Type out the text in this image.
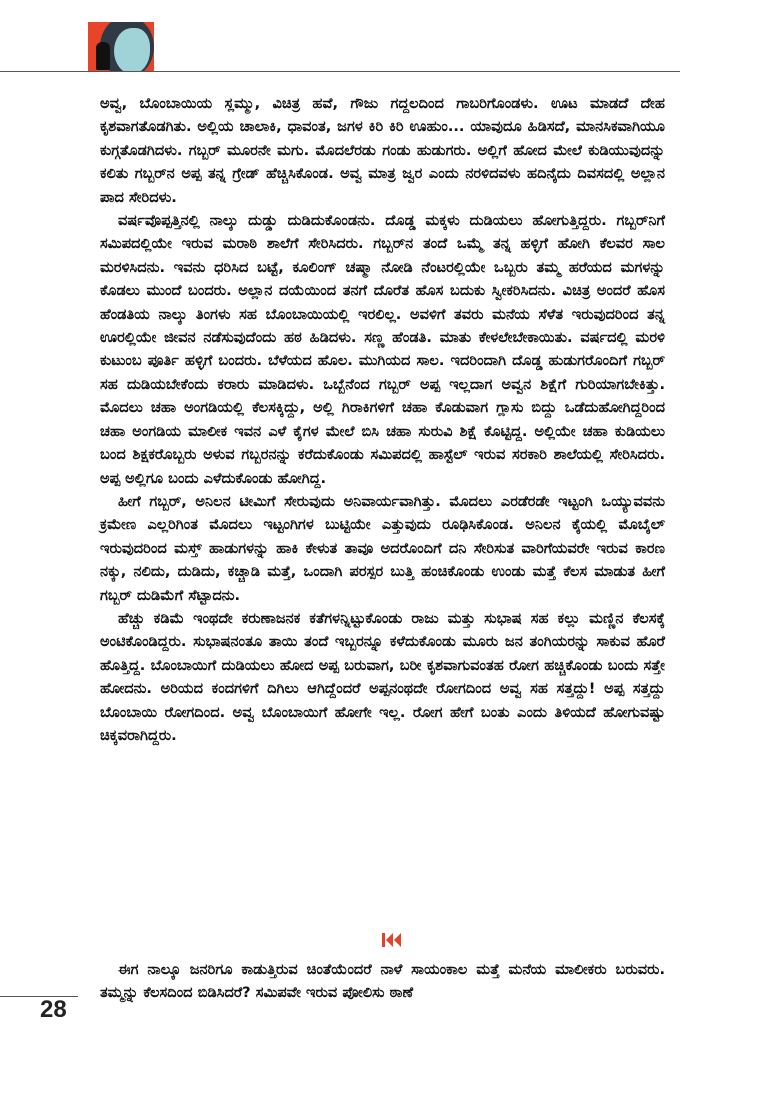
ಅವ್ವ, ಬೊಂಬಾಯಿಯ ಸ್ಲಮ್ಮು, ವಿಚಿತ್ರ ಹವೆ, ಗೌಜು ಗದ್ದಲದಿಂದ ಗಾಬರಿಗೊಂಡಳು. ಊಟ ಮಾಡದೆ ದೇಹ ಕೃಶವಾಗತೊಡಗಿತು. ಅಲ್ಲಿಯ ಚಾಲಾಕಿ, ಧಾವಂತ, ಜಗಳ ಕಿರಿ ಕಿರಿ ಊಹುಂ... ಯಾವುದೂ ಹಿಡಿಸದೆ, ಮಾನಸಿಕವಾಗಿಯೂ ಕುಗ್ಗತೊಡಗಿದಳು. ಗಬ್ಬರ್ ಮೂರನೇ ಮಗು. ಮೊದಲೆರಡು ಗಂಡು ಹುಡುಗರು. ಅಲ್ಲಿಗೆ ಹೋದ ಮೇಲೆ ಕುಡಿಯುವುದನ್ನು ಕಲಿತು ಗಬ್ಬರ್‌ನ ಅಪ್ಪ ತನ್ನ ಗ್ರೇಡ್ ಹೆಚ್ಚಿಸಿಕೊಂಡ. ಅವ್ವ ಮಾತ್ರ ಜ್ವರ ಎಂದು ನರಳಿದವಳು ಹದಿನೈದು ದಿವಸದಲ್ಲಿ ಅಲ್ಲಾನ ಪಾದ ಸೇರಿದಳು.

ವರ್ಷವೊಪ್ಪತ್ತಿನಲ್ಲಿ ನಾಲ್ಕು ದುಡ್ಡು ದುಡಿದುಕೊಂಡನು. ದೊಡ್ಡ ಮಕ್ಕಳು ದುಡಿಯಲು ಹೋಗುತ್ತಿದ್ದರು. ಗಬ್ಬರ್‌ನಿಗೆ ಸಮಿಪದಲ್ಲಿಯೇ ಇರುವ ಮರಾಠಿ ಶಾಲೆಗೆ ಸೇರಿಸಿದರು. ಗಬ್ಬರ್‌ನ ತಂದೆ ಒಮ್ಮೆ ತನ್ನ ಹಳ್ಳಿಗೆ ಹೋಗಿ ಕೆಲವರ ಸಾಲ ಮರಳಿಸಿದನು. ಇವನು ಧರಿಸಿದ ಬಟ್ಟೆ, ಕೂಲಿಂಗ್ ಚಷ್ಮಾ ನೋಡಿ ನೆಂಟರಲ್ಲಿಯೇ ಒಬ್ಬರು ತಮ್ಮ ಹರೆಯದ ಮಗಳನ್ನು ಕೊಡಲು ಮುಂದೆ ಬಂದರು. ಅಲ್ಲಾನ ದಯೆಯಿಂದ ತನಗೆ ದೊರೆತ ಹೊಸ ಬದುಕು ಸ್ವೀಕರಿಸಿದನು. ವಿಚಿತ್ರ ಅಂದರೆ ಹೊಸ ಹೆಂಡತಿಯ ನಾಲ್ಕು ತಿಂಗಳು ಸಹ ಬೊಂಬಾಯಿಯಲ್ಲಿ ಇರಲಿಲ್ಲ. ಅವಳಿಗೆ ತವರು ಮನೆಯ ಸೆಳೆತ ಇರುವುದರಿಂದ ತನ್ನ ಊರಲ್ಲಿಯೇ ಜೀವನ ನಡೆಸುವುದೆಂದು ಹಠ ಹಿಡಿದಳು. ಸಣ್ಣ ಹೆಂಡತಿ. ಮಾತು ಕೇಳಲೇಬೇಕಾಯಿತು. ವರ್ಷದಲ್ಲಿ ಮರಳಿ ಕುಟುಂಬ ಪೂರ್ತಿ ಹಳ್ಳಿಗೆ ಬಂದರು. ಬೆಳೆಯದ ಹೊಲ. ಮುಗಿಯದ ಸಾಲ. ಇದರಿಂದಾಗಿ ದೊಡ್ಡ ಹುಡುಗರೊಂದಿಗೆ ಗಬ್ಬರ್ ಸಹ ದುಡಿಯಬೇಕೆಂದು ಕರಾರು ಮಾಡಿದಳು. ಒಬ್ಬೆನೆಂದ ಗಬ್ಬರ್ ಅಪ್ಪ ಇಲ್ಲದಾಗ ಅವ್ವನ ಶಿಕ್ಷೆಗೆ ಗುರಿಯಾಗಬೇಕಿತ್ತು. ಮೊದಲು ಚಹಾ ಅಂಗಡಿಯಲ್ಲಿ ಕೆಲಸಕ್ಕಿದ್ದು, ಅಲ್ಲಿ ಗಿರಾಕಿಗಳಿಗೆ ಚಹಾ ಕೊಡುವಾಗ ಗ್ಲಾಸು ಬಿದ್ದು ಒಡೆದುಹೋಗಿದ್ದರಿಂದ ಚಹಾ ಅಂಗಡಿಯ ಮಾಲೀಕ ಇವನ ಎಳೆ ಕೈಗಳ ಮೇಲೆ ಬಿಸಿ ಚಹಾ ಸುರುವಿ ಶಿಕ್ಷೆ ಕೊಟ್ಟಿದ್ದ. ಅಲ್ಲಿಯೇ ಚಹಾ ಕುಡಿಯಲು ಬಂದ ಶಿಕ್ಷಕರೊಬ್ಬರು ಅಳುವ ಗಬ್ಬರನನ್ನು ಕರೆದುಕೊಂಡು ಸಮಿಪದಲ್ಲಿ ಹಾಸ್ಟೆಲ್ ಇರುವ ಸರಕಾರಿ ಶಾಲೆಯಲ್ಲಿ ಸೇರಿಸಿದರು. ಅಪ್ಪ ಅಲ್ಲಿಗೂ ಬಂದು ಎಳೆದುಕೊಂಡು ಹೋಗಿದ್ದ.

ಹೀಗೆ ಗಬ್ಬರ್, ಅನಿಲನ ಟೀಮಿಗೆ ಸೇರುವುದು ಅನಿವಾರ್ಯವಾಗಿತ್ತು. ಮೊದಲು ಎರಡೆರಡೇ ಇಟ್ಟಂಗಿ ಒಯ್ಯುವವನು ಕ್ರಮೇಣ ಎಲ್ಲರಿಗಿಂತ ಮೊದಲು ಇಟ್ಟಂಗಿಗಳ ಬುಟ್ಟಿಯೇ ಎತ್ತುವುದು ರೂಢಿಸಿಕೊಂಡ. ಅನಿಲನ ಕೈಯಲ್ಲಿ ಮೊಬೈಲ್ ಇರುವುದರಿಂದ ಮಸ್ತ್ ಹಾಡುಗಳನ್ನು ಹಾಕಿ ಕೇಳುತ ತಾವೂ ಅದರೊಂದಿಗೆ ದನಿ ಸೇರಿಸುತ ವಾರಿಗೆಯವರೇ ಇರುವ ಕಾರಣ ನಕ್ಕು, ನಲಿದು, ದುಡಿದು, ಕಚ್ಚಾಡಿ ಮತ್ತೆ, ಒಂದಾಗಿ ಪರಸ್ಪರ ಬುತ್ತಿ ಹಂಚಿಕೊಂಡು ಉಂಡು ಮತ್ತೆ ಕೆಲಸ ಮಾಡುತ ಹೀಗೆ ಗಬ್ಬರ್ ದುಡಿಮೆಗೆ ಸೆಟ್ಟಾದನು.

ಹೆಚ್ಚು ಕಡಿಮೆ ಇಂಥದೇ ಕರುಣಾಜನಕ ಕತೆಗಳನ್ನಿಟ್ಟುಕೊಂಡು ರಾಜು ಮತ್ತು ಸುಭಾಷ ಸಹ ಕಲ್ಲು ಮಣ್ಣಿನ ಕೆಲಸಕ್ಕೆ ಅಂಟಿಕೊಂಡಿದ್ದರು. ಸುಭಾಷನಂತೂ ತಾಯಿ ತಂದೆ ಇಬ್ಬರನ್ನೂ ಕಳೆದುಕೊಂಡು ಮೂರು ಜನ ತಂಗಿಯರನ್ನು ಸಾಕುವ ಹೊರೆ ಹೊತ್ತಿದ್ದ. ಬೊಂಬಾಯಿಗೆ ದುಡಿಯಲು ಹೋದ ಅಪ್ಪ ಬರುವಾಗ, ಬರೀ ಕೃಶವಾಗುವಂತಹ ರೋಗ ಹಚ್ಚಿಕೊಂಡು ಬಂದು ಸತ್ತೇ ಹೋದನು. ಅರಿಯದ ಕಂದಗಳಿಗೆ ದಿಗಿಲು ಆಗಿದ್ದೆಂದರೆ ಅಪ್ಪನಂಥದೇ ರೋಗದಿಂದ ಅವ್ವ ಸಹ ಸತ್ತದ್ದು! ಅಪ್ಪ ಸತ್ತದ್ದು ಬೊಂಬಾಯಿ ರೋಗದಿಂದ. ಅವ್ವ ಬೊಂಬಾಯಿಗೆ ಹೋಗೇ ಇಲ್ಲ. ರೋಗ ಹೇಗೆ ಬಂತು ಎಂದು ತಿಳಿಯದೆ ಹೋಗುವಷ್ಟು ಚಿಕ್ಕವರಾಗಿದ್ದರು.

ಈಗ ನಾಲ್ಕೂ ಜನರಿಗೂ ಕಾಡುತ್ತಿರುವ ಚಿಂತೆಯೆಂದರೆ ನಾಳೆ ಸಾಯಂಕಾಲ ಮತ್ತೆ ಮನೆಯ ಮಾಲೀಕರು ಬರುವರು. ತಮ್ಮನ್ನು ಕೆಲಸದಿಂದ ಬಿಡಿಸಿದರೆ? ಸಮಿಪವೇ ಇರುವ ಪೋಲಿಸು ಠಾಣೆ

28
